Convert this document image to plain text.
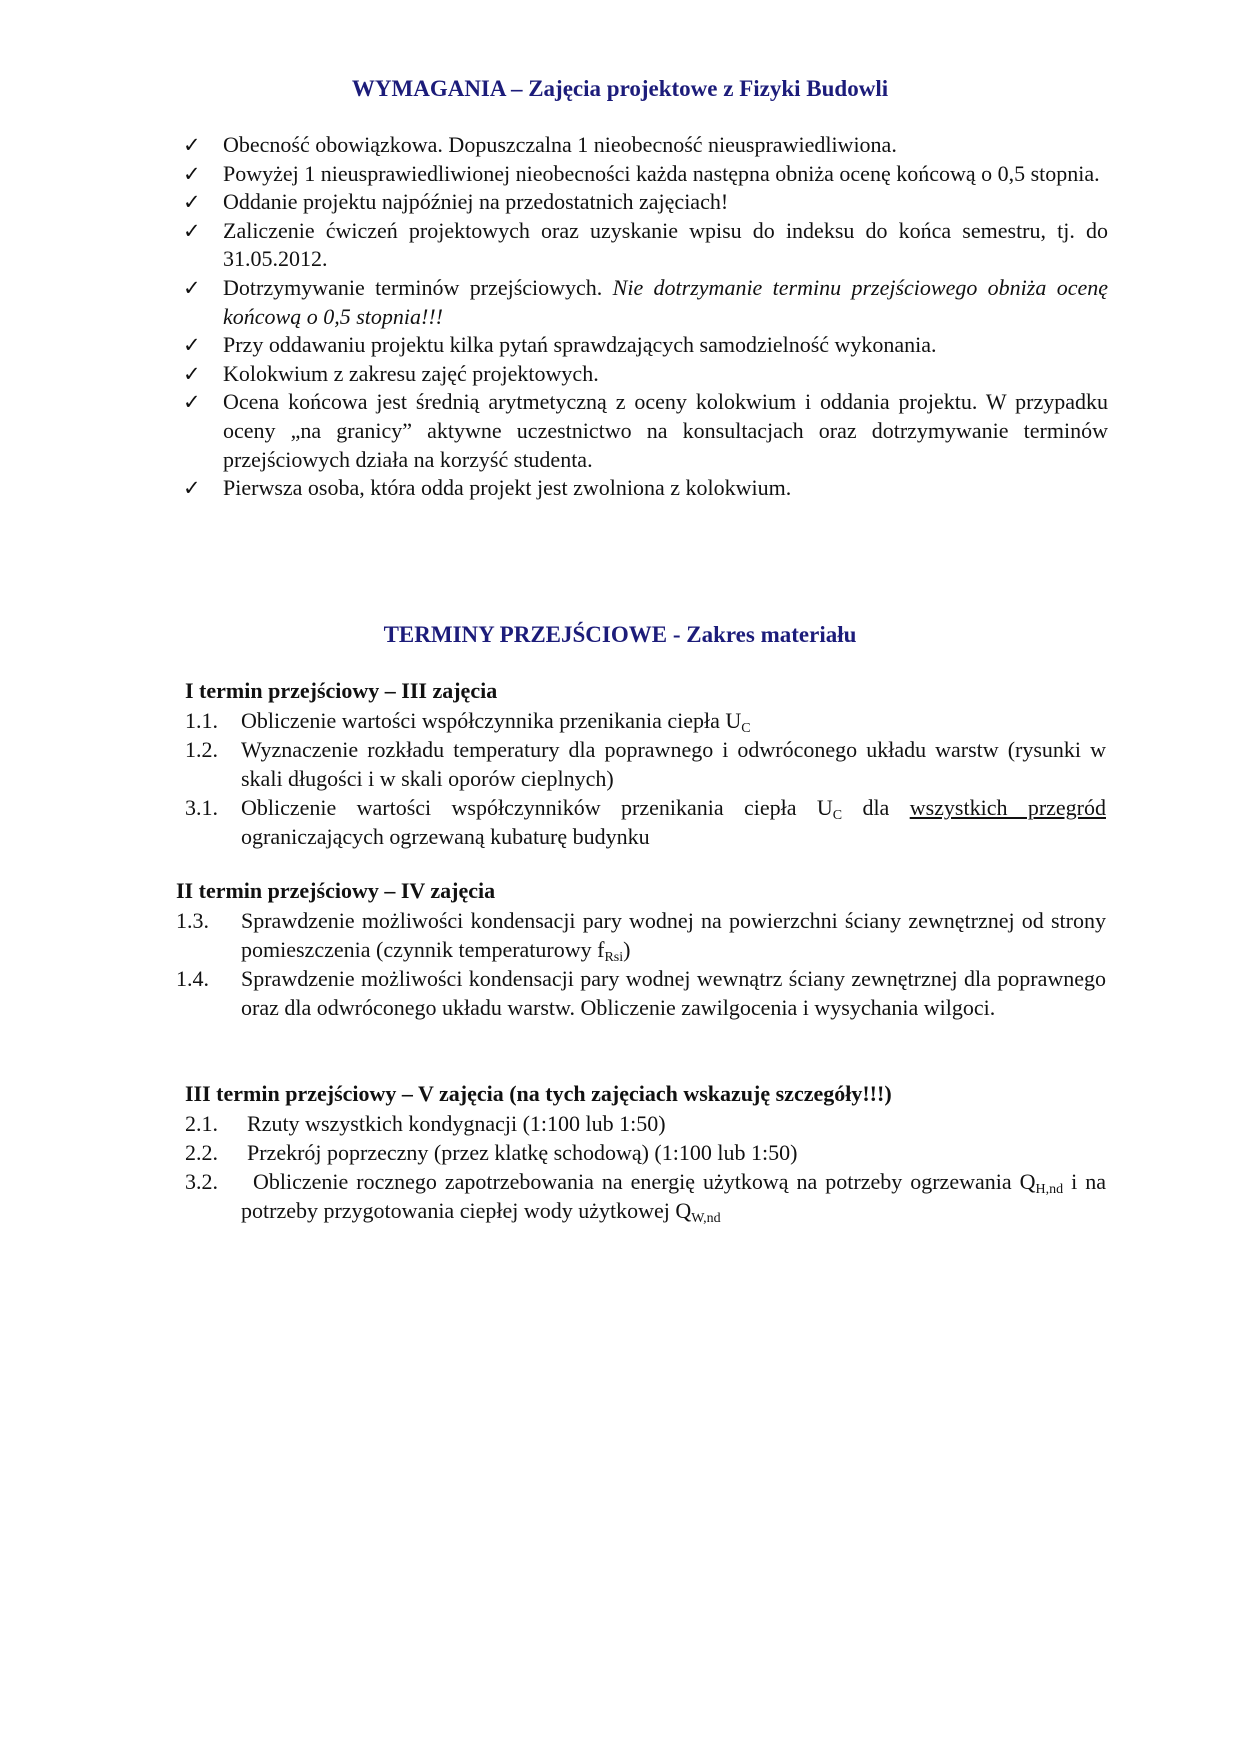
WYMAGANIA – Zajęcia projektowe z Fizyki Budowli
✓ Obecność obowiązkowa. Dopuszczalna 1 nieobecność nieusprawiedliwiona.
✓ Powyżej 1 nieusprawiedliwionej nieobecności każda następna obniża ocenę końcową o 0,5 stopnia.
✓ Oddanie projektu najpóźniej na przedostatnich zajęciach!
✓ Zaliczenie ćwiczeń projektowych oraz uzyskanie wpisu do indeksu do końca semestru, tj. do 31.05.2012.
✓ Dotrzymywanie terminów przejściowych. Nie dotrzymanie terminu przejściowego obniża ocenę końcową o 0,5 stopnia!!!
✓ Przy oddawaniu projektu kilka pytań sprawdzających samodzielność wykonania.
✓ Kolokwium z zakresu zajęć projektowych.
✓ Ocena końcowa jest średnią arytmetyczną z oceny kolokwium i oddania projektu. W przypadku oceny „na granicy” aktywne uczestnictwo na konsultacjach oraz dotrzymywanie terminów przejściowych działa na korzyść studenta.
✓ Pierwsza osoba, która odda projekt jest zwolniona z kolokwium.
TERMINY PRZEJŚCIOWE - Zakres materiału
I termin przejściowy – III zajęcia
1.1. Obliczenie wartości współczynnika przenikania ciepła $U_C$
1.2. Wyznaczenie rozkładu temperatury dla poprawnego i odwróconego układu warstw (rysunki w skali długości i w skali oporów cieplnych)
3.1. Obliczenie wartości współczynników przenikania ciepła $U_C$ dla wszystkich przegród ograniczających ogrzewaną kubaturę budynku
II termin przejściowy – IV zajęcia
1.3. Sprawdzenie możliwości kondensacji pary wodnej na powierzchni ściany zewnętrznej od strony pomieszczenia (czynnik temperaturowy $f_{Rsi}$)
1.4. Sprawdzenie możliwości kondensacji pary wodnej wewnątrz ściany zewnętrznej dla poprawnego oraz dla odwróconego układu warstw. Obliczenie zawilgocenia i wysychania wilgoci.
III termin przejściowy – V zajęcia (na tych zajęciach wskazuję szczegóły!!!)
2.1. Rzuty wszystkich kondygnacji (1:100 lub 1:50)
2.2. Przekrój poprzeczny (przez klatkę schodową) (1:100 lub 1:50)
3.2.	Obliczenie rocznego zapotrzebowania na energię użytkową na potrzeby ogrzewania $Q_{H,nd}$ i na potrzeby przygotowania ciepłej wody użytkowej $Q_{W,nd}$
